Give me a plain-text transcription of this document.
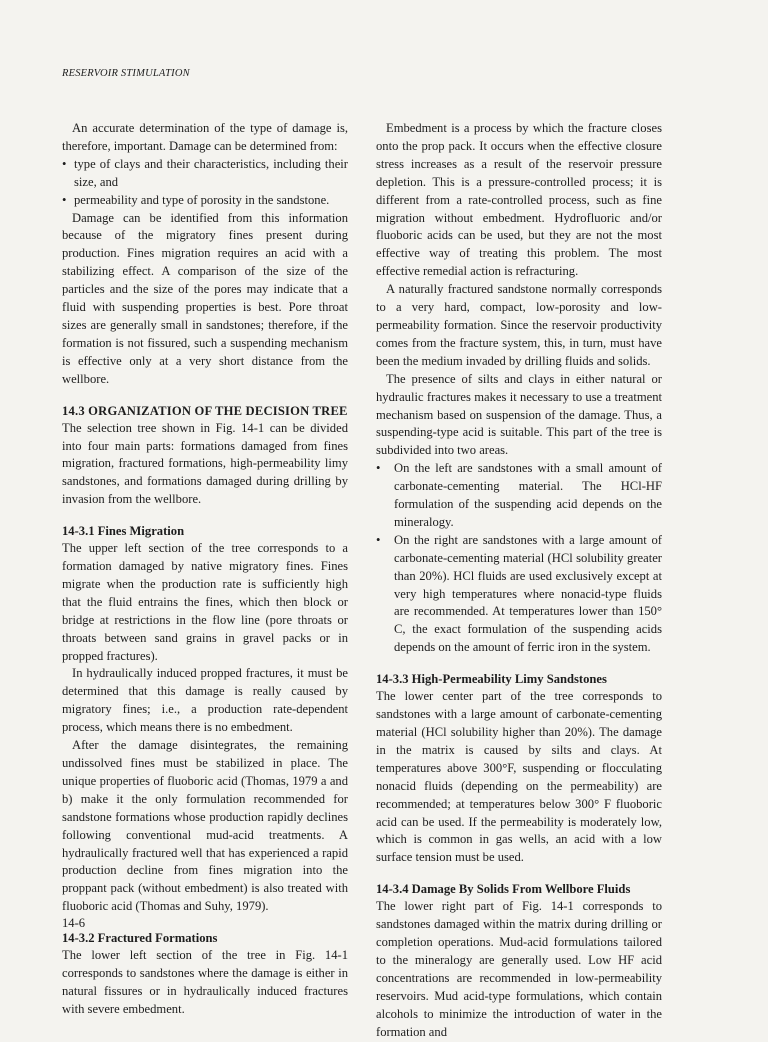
RESERVOIR STIMULATION

An accurate determination of the type of damage is, therefore, important. Damage can be determined from:

• type of clays and their characteristics, including their size, and
• permeability and type of porosity in the sandstone.

Damage can be identified from this information because of the migratory fines present during production. Fines migration requires an acid with a stabilizing effect. A comparison of the size of the particles and the size of the pores may indicate that a fluid with suspending properties is best. Pore throat sizes are generally small in sandstones; therefore, if the formation is not fissured, such a suspending mechanism is effective only at a very short distance from the wellbore.

14.3 ORGANIZATION OF THE DECISION TREE

The selection tree shown in Fig. 14-1 can be divided into four main parts: formations damaged from fines migration, fractured formations, high-permeability limy sandstones, and formations damaged during drilling by invasion from the wellbore.

14-3.1 Fines Migration

The upper left section of the tree corresponds to a formation damaged by native migratory fines. Fines migrate when the production rate is sufficiently high that the fluid entrains the fines, which then block or bridge at restrictions in the flow line (pore throats or throats between sand grains in gravel packs or in propped fractures).

In hydraulically induced propped fractures, it must be determined that this damage is really caused by migratory fines; i.e., a production rate-dependent process, which means there is no embedment.

After the damage disintegrates, the remaining undissolved fines must be stabilized in place. The unique properties of fluoboric acid (Thomas, 1979 a and b) make it the only formulation recommended for sandstone formations whose production rapidly declines following conventional mud-acid treatments. A hydraulically fractured well that has experienced a rapid production decline from fines migration into the proppant pack (without embedment) is also treated with fluoboric acid (Thomas and Suhy, 1979).

14-3.2 Fractured Formations

The lower left section of the tree in Fig. 14-1 corresponds to sandstones where the damage is either in natural fissures or in hydraulically induced fractures with severe embedment.

Embedment is a process by which the fracture closes onto the prop pack. It occurs when the effective closure stress increases as a result of the reservoir pressure depletion. This is a pressure-controlled process; it is different from a rate-controlled process, such as fine migration without embedment. Hydrofluoric and/or fluoboric acids can be used, but they are not the most effective way of treating this problem. The most effective remedial action is refracturing.

A naturally fractured sandstone normally corresponds to a very hard, compact, low-porosity and low-permeability formation. Since the reservoir productivity comes from the fracture system, this, in turn, must have been the medium invaded by drilling fluids and solids.

The presence of silts and clays in either natural or hydraulic fractures makes it necessary to use a treatment mechanism based on suspension of the damage. Thus, a suspending-type acid is suitable. This part of the tree is subdivided into two areas.

• On the left are sandstones with a small amount of carbonate-cementing material. The HCl-HF formulation of the suspending acid depends on the mineralogy.
• On the right are sandstones with a large amount of carbonate-cementing material (HCl solubility greater than 20%). HCl fluids are used exclusively except at very high temperatures where nonacid-type fluids are recommended. At temperatures lower than 150° C, the exact formulation of the suspending acids depends on the amount of ferric iron in the system.
14-3.3 High-Permeability Limy Sandstones

The lower center part of the tree corresponds to sandstones with a large amount of carbonate-cementing material (HCl solubility higher than 20%). The damage in the matrix is caused by silts and clays. At temperatures above 300°F, suspending or flocculating nonacid fluids (depending on the permeability) are recommended; at temperatures below 300° F fluoboric acid can be used. If the permeability is moderately low, which is common in gas wells, an acid with a low surface tension must be used.

14-3.4 Damage By Solids From Wellbore Fluids

The lower right part of Fig. 14-1 corresponds to sandstones damaged within the matrix during drilling or completion operations. Mud-acid formulations tailored to the mineralogy are generally used. Low HF acid concentrations are recommended in low-permeability reservoirs. Mud acid-type formulations, which contain alcohols to minimize the introduction of water in the formation and

14-6
